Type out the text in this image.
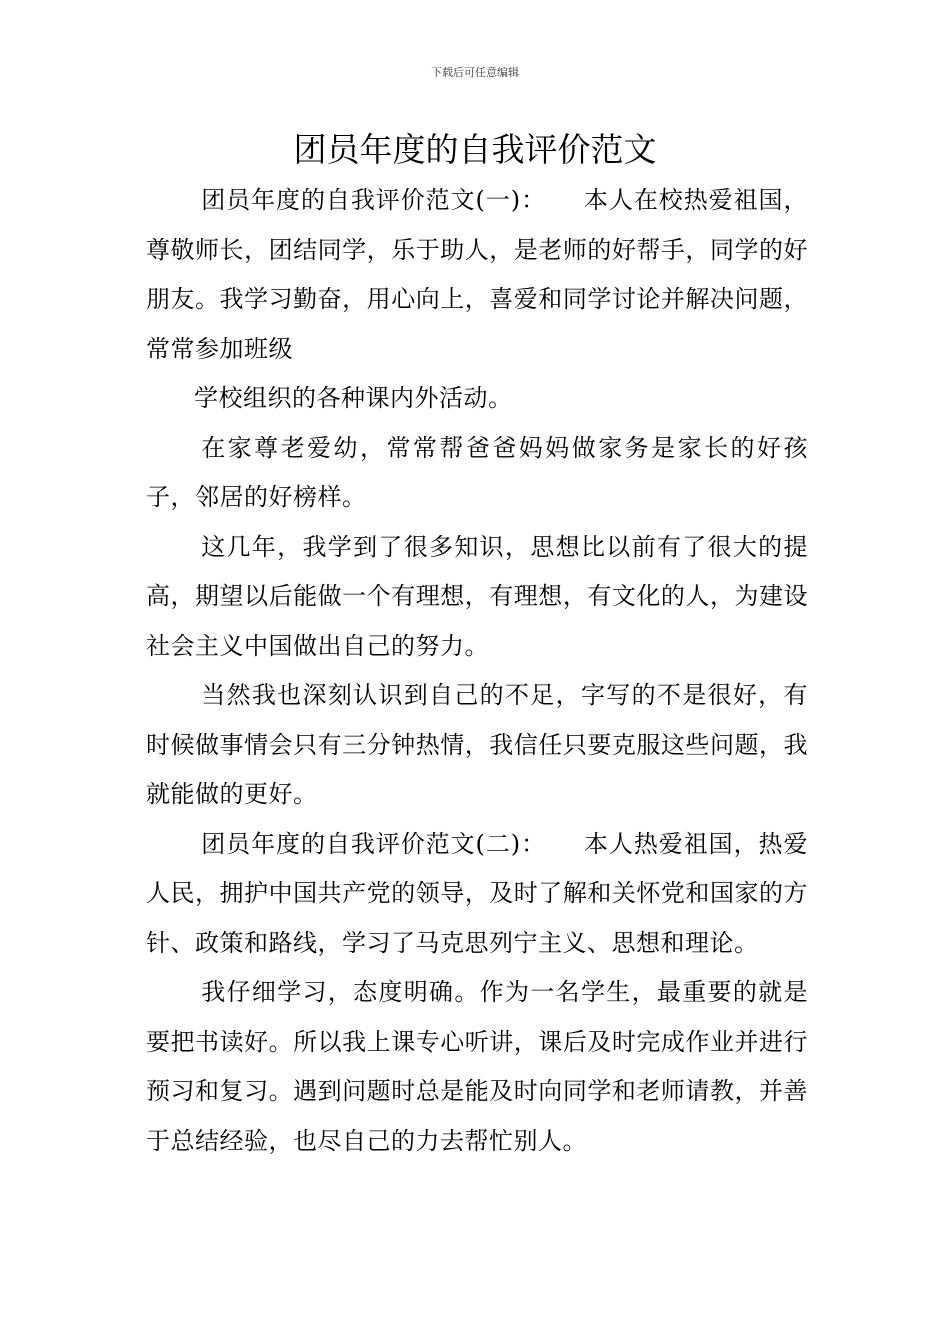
下载后可任意编辑
团员年度的自我评价范文

团员年度的自我评价范文(一)：　　本人在校热爱祖国，尊敬师长，团结同学，乐于助人，是老师的好帮手，同学的好朋友。我学习勤奋，用心向上，喜爱和同学讨论并解决问题，常常参加班级

学校组织的各种课内外活动。

在家尊老爱幼，常常帮爸爸妈妈做家务是家长的好孩子，邻居的好榜样。

这几年，我学到了很多知识，思想比以前有了很大的提高，期望以后能做一个有理想，有理想，有文化的人，为建设社会主义中国做出自己的努力。

当然我也深刻认识到自己的不足，字写的不是很好，有时候做事情会只有三分钟热情，我信任只要克服这些问题，我就能做的更好。

团员年度的自我评价范文(二)：　　本人热爱祖国，热爱人民，拥护中国共产党的领导，及时了解和关怀党和国家的方针、政策和路线，学习了马克思列宁主义、思想和理论。

我仔细学习，态度明确。作为一名学生，最重要的就是要把书读好。所以我上课专心听讲，课后及时完成作业并进行预习和复习。遇到问题时总是能及时向同学和老师请教，并善于总结经验，也尽自己的力去帮忙别人。
